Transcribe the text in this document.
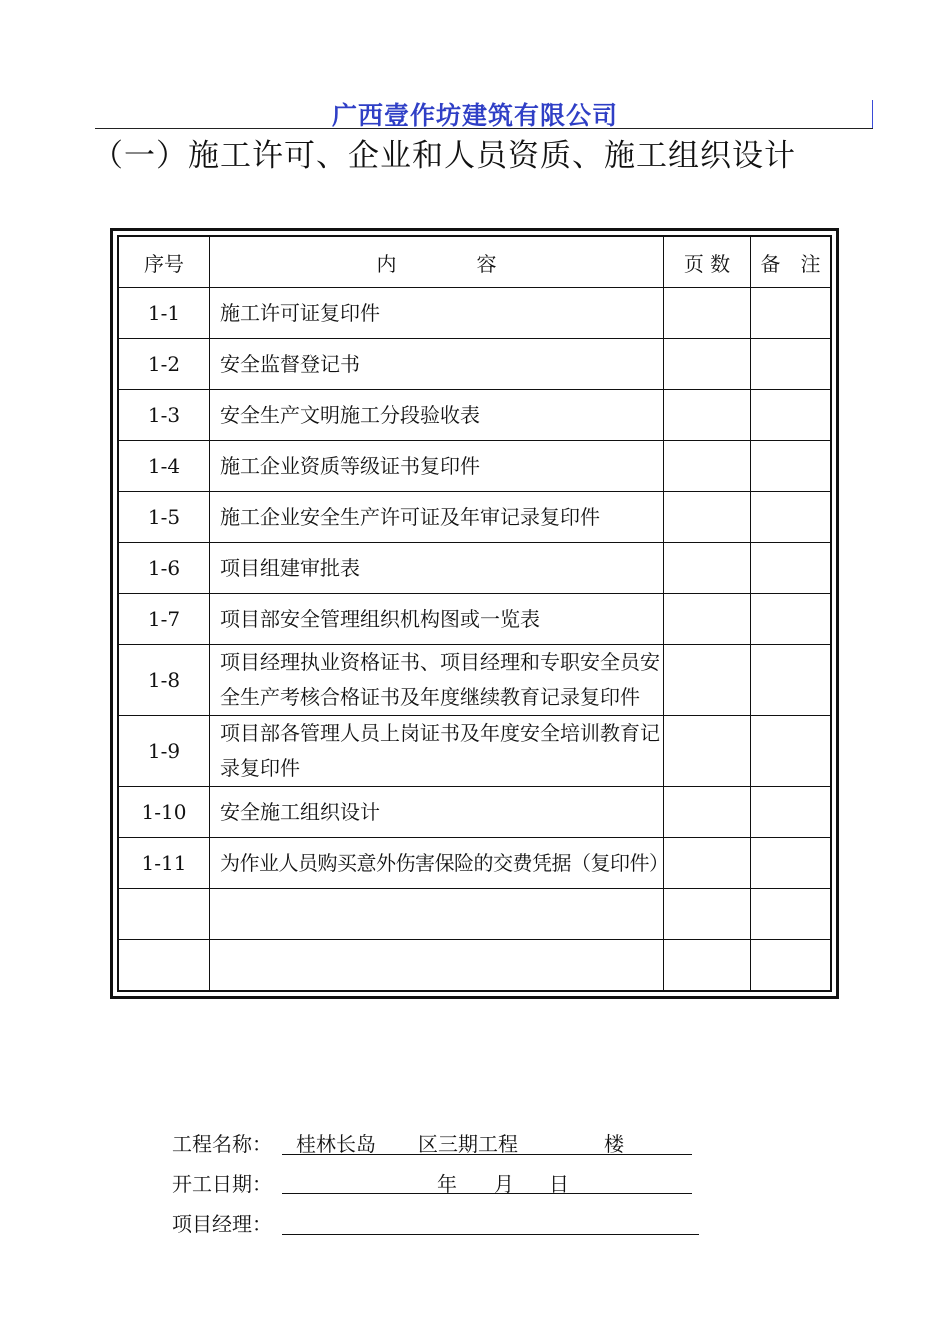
广西壹作坊建筑有限公司
（一）施工许可、企业和人员资质、施工组织设计
序号	内　　　　容	页 数	备　注
1-1	施工许可证复印件		
1-2	安全监督登记书		
1-3	安全生产文明施工分段验收表		
1-4	施工企业资质等级证书复印件		
1-5	施工企业安全生产许可证及年审记录复印件		
1-6	项目组建审批表		
1-7	项目部安全管理组织机构图或一览表		
1-8	项目经理执业资格证书、项目经理和专职安全员安全生产考核合格证书及年度继续教育记录复印件		
1-9	项目部各管理人员上岗证书及年度安全培训教育记录复印件		
1-10	安全施工组织设计		
1-11	为作业人员购买意外伤害保险的交费凭据（复印件）		

工程名称： 桂林长岛 区三期工程	楼
开工日期：	年 月 日
项目经理：
